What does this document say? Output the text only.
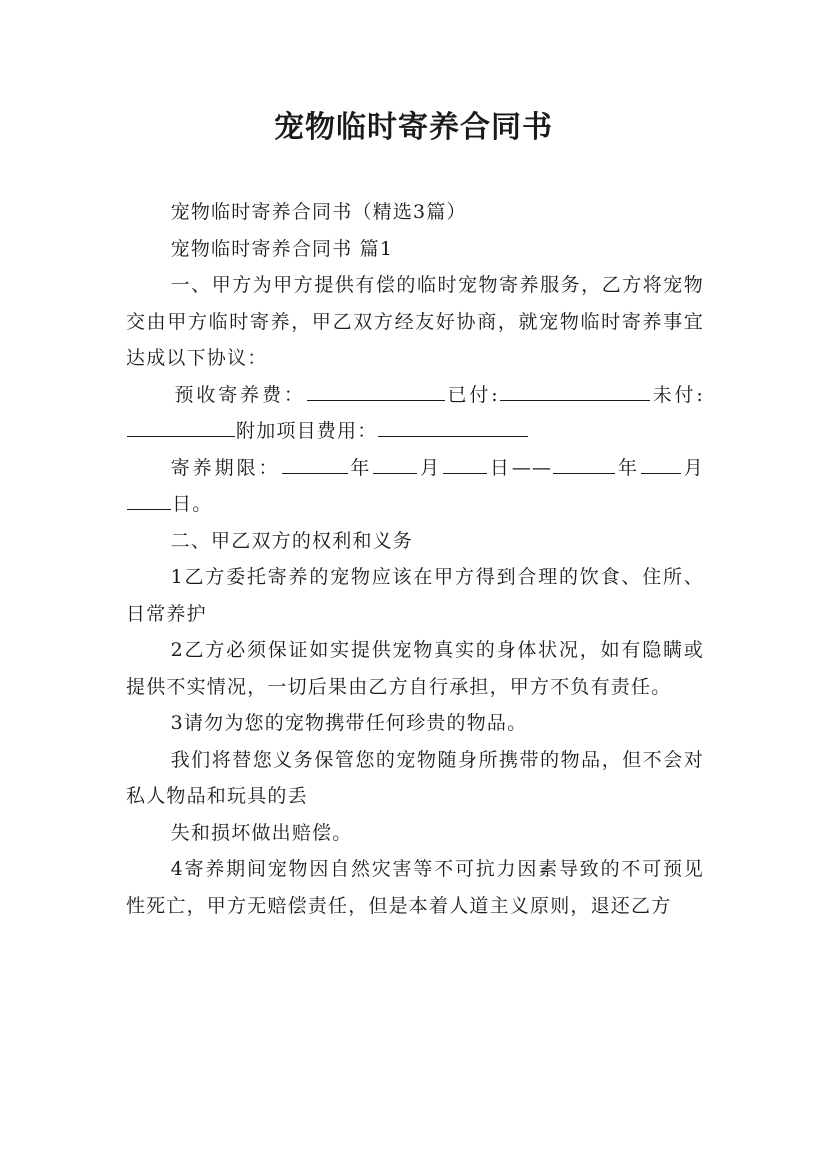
宠物临时寄养合同书

宠物临时寄养合同书（精选3篇）

宠物临时寄养合同书 篇1

一、甲方为甲方提供有偿的临时宠物寄养服务，乙方将宠物交由甲方临时寄养，甲乙双方经友好协商，就宠物临时寄养事宜达成以下协议：

预收寄养费：	已付:	未付:附加项目费用：

寄养期限：	年 月 日——	年 月日。

二、甲乙双方的权利和义务

1乙方委托寄养的宠物应该在甲方得到合理的饮食、住所、日常养护

2乙方必须保证如实提供宠物真实的身体状况，如有隐瞒或提供不实情况，一切后果由乙方自行承担，甲方不负有责任。

3请勿为您的宠物携带任何珍贵的物品。

我们将替您义务保管您的宠物随身所携带的物品，但不会对私人物品和玩具的丢

失和损坏做出赔偿。

4寄养期间宠物因自然灾害等不可抗力因素导致的不可预见性死亡，甲方无赔偿责任，但是本着人道主义原则，退还乙方
